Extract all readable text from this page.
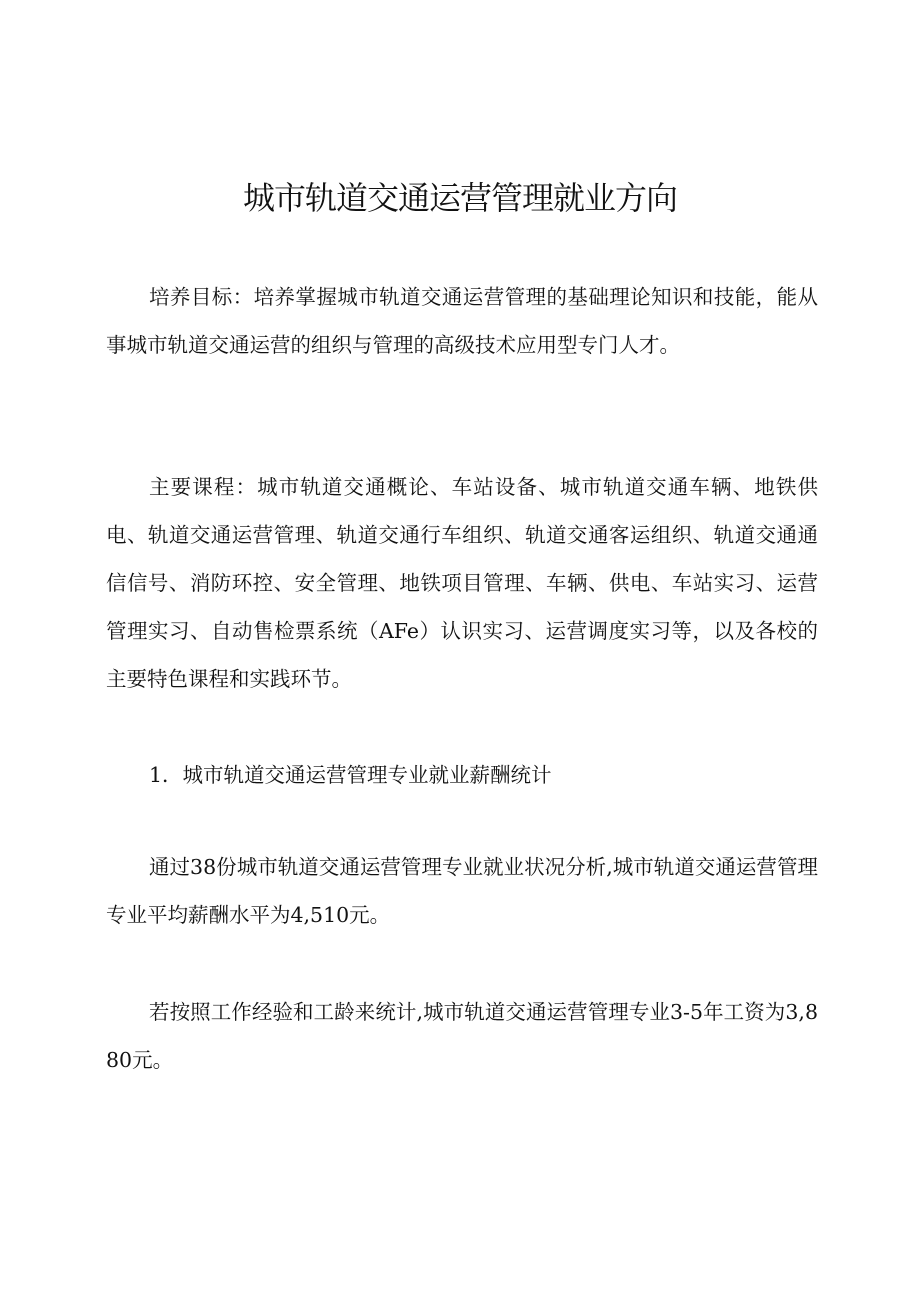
城市轨道交通运营管理就业方向

培养目标：培养掌握城市轨道交通运营管理的基础理论知识和技能，能从事城市轨道交通运营的组织与管理的高级技术应用型专门人才。

主要课程：城市轨道交通概论、车站设备、城市轨道交通车辆、地铁供电、轨道交通运营管理、轨道交通行车组织、轨道交通客运组织、轨道交通通信信号、消防环控、安全管理、地铁项目管理、车辆、供电、车站实习、运营管理实习、自动售检票系统（AFe）认识实习、运营调度实习等，以及各校的主要特色课程和实践环节。

1．城市轨道交通运营管理专业就业薪酬统计

通过38份城市轨道交通运营管理专业就业状况分析,城市轨道交通运营管理专业平均薪酬水平为4,510元。

若按照工作经验和工龄来统计,城市轨道交通运营管理专业3-5年工资为3,880元。
